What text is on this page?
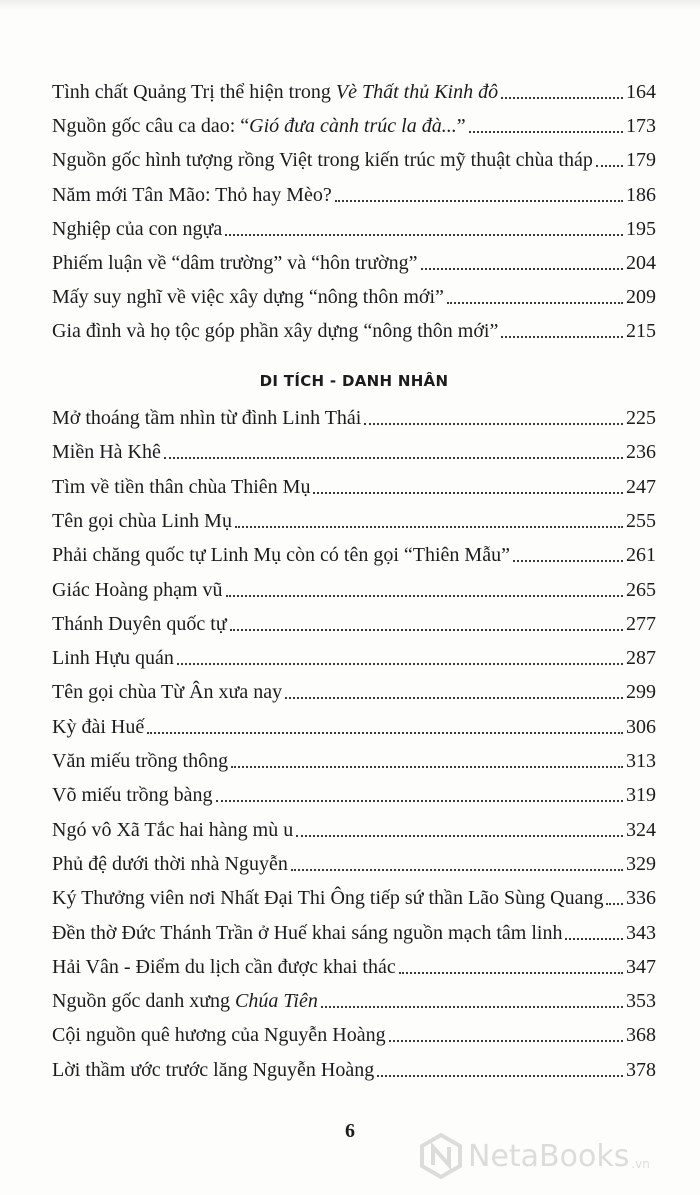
Tình chất Quảng Trị thể hiện trong Vè Thất thủ Kinh đô	164
Nguồn gốc câu ca dao: “Gió đưa cành trúc la đà...”	173
Nguồn gốc hình tượng rồng Việt trong kiến trúc mỹ thuật chùa tháp 179
Năm mới Tân Mão: Thỏ hay Mèo?	186
Nghiệp của con ngựa	195
Phiếm luận về “dâm trường” và “hôn trường”	204
Mấy suy nghĩ về việc xây dựng “nông thôn mới”	209
Gia đình và họ tộc góp phần xây dựng “nông thôn mới”	215
DI TÍCH - DANH NHÂN
Mở thoáng tầm nhìn từ đình Linh Thái	225
Miền Hà Khê	236
Tìm về tiền thân chùa Thiên Mụ	247
Tên gọi chùa Linh Mụ	255
Phải chăng quốc tự Linh Mụ còn có tên gọi “Thiên Mẫu”	261
Giác Hoàng phạm vũ	265
Thánh Duyên quốc tự	277
Linh Hựu quán	287
Tên gọi chùa Từ Ân xưa nay	299
Kỳ đài Huế	306
Văn miếu trồng thông	313
Võ miếu trồng bàng	319
Ngó vô Xã Tắc hai hàng mù u	324
Phủ đệ dưới thời nhà Nguyễn	329
Ký Thưởng viên nơi Nhất Đại Thi Ông tiếp sứ thần Lão Sùng Quang 336
Đền thờ Đức Thánh Trần ở Huế khai sáng nguồn mạch tâm linh	343
Hải Vân - Điểm du lịch cần được khai thác	347
Nguồn gốc danh xưng Chúa Tiên	353
Cội nguồn quê hương của Nguyễn Hoàng	368
Lời thầm ước trước lăng Nguyễn Hoàng	378
6
NetaBooks .vn
